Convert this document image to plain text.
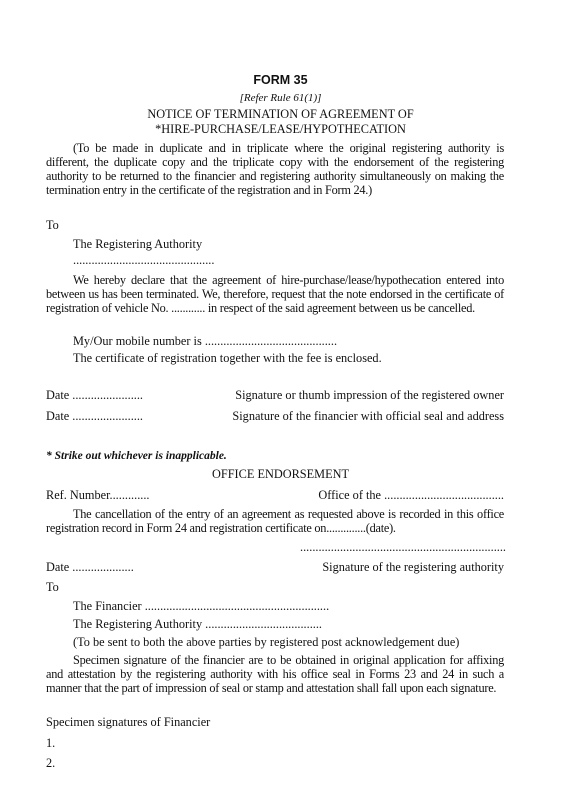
FORM 35
[Refer Rule 61(1)]
NOTICE OF TERMINATION OF AGREEMENT OF
*HIRE-PURCHASE/LEASE/HYPOTHECATION
(To be made in duplicate and in triplicate where the original registering authority is different, the duplicate copy and the triplicate copy with the endorsement of the registering authority to be returned to the financier and registering authority simultaneously on making the termination entry in the certificate of the registration and in Form 24.)
To
The Registering Authority
..............................................
We hereby declare that the agreement of hire-purchase/lease/hypothecation entered into between us has been terminated. We, therefore, request that the note endorsed in the certificate of registration of vehicle No. ............ in respect of the said agreement between us be cancelled.
My/Our mobile number is ...........................................
The certificate of registration together with the fee is enclosed.
Date .......................	Signature or thumb impression of the registered owner
Date .......................	Signature of the financier with official seal and address
* Strike out whichever is inapplicable.
OFFICE ENDORSEMENT
Ref. Number.............	Office of the .......................................
The cancellation of the entry of an agreement as requested above is recorded in this office registration record in Form 24 and registration certificate on..............(date).
...................................................................
Date ....................	Signature of the registering authority
To
The Financier ............................................................
The Registering Authority ......................................
(To be sent to both the above parties by registered post acknowledgement due)
Specimen signature of the financier are to be obtained in original application for affixing and attestation by the registering authority with his office seal in Forms 23 and 24 in such a manner that the part of impression of seal or stamp and attestation shall fall upon each signature.
Specimen signatures of Financier
1.
2.
